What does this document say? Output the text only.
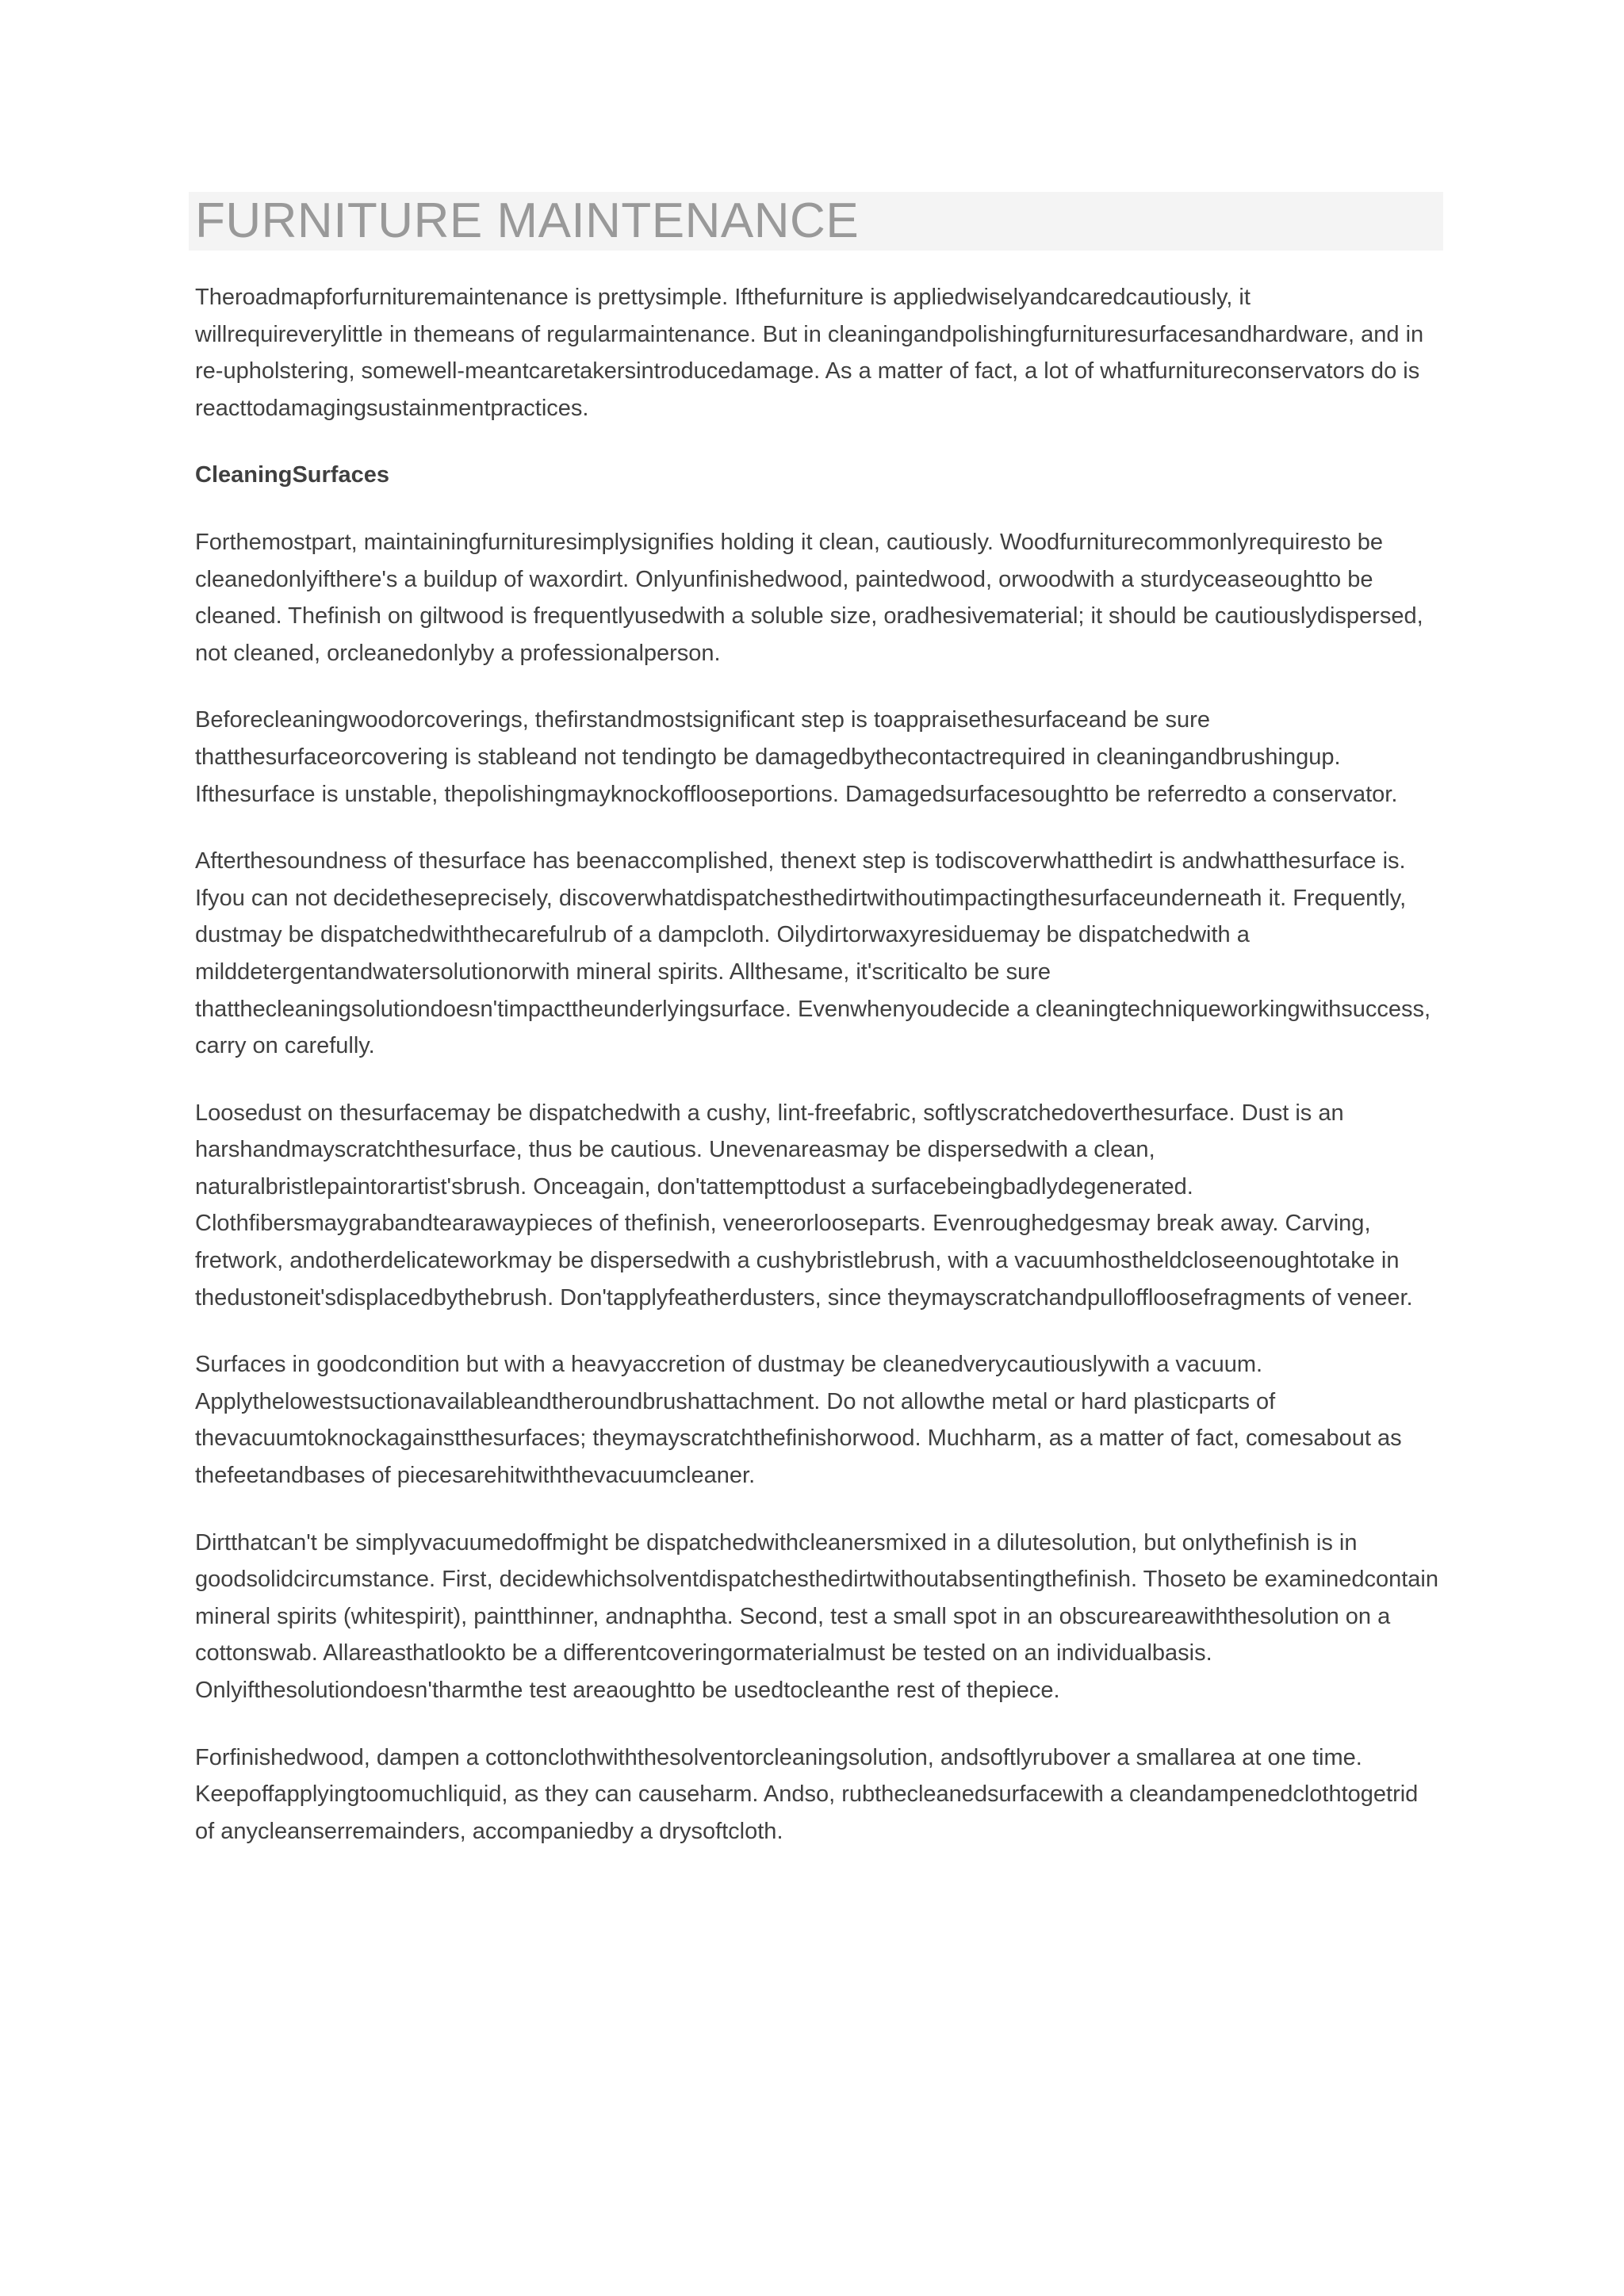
FURNITURE MAINTENANCE

Theroadmapforfurnituremaintenance is prettysimple. Ifthefurniture is appliedwiselyandcaredcautiously, it willrequireverylittle in themeans of regularmaintenance. But in cleaningandpolishingfurnituresurfacesandhardware, and in re-upholstering, somewell-meantcaretakersintroducedamage. As a matter of fact, a lot of whatfurnitureconservators do is reacttodamagingsustainmentpractices.

CleaningSurfaces

Forthemostpart, maintainingfurnituresimplysignifies holding it clean, cautiously. Woodfurniturecommonlyrequiresto be cleanedonlyifthere's a buildup of waxordirt. Onlyunfinishedwood, paintedwood, orwoodwith a sturdyceaseoughtto be cleaned. Thefinish on giltwood is frequentlyusedwith a soluble size, oradhesivematerial; it should be cautiouslydispersed, not cleaned, orcleanedonlyby a professionalperson.

Beforecleaningwoodorcoverings, thefirstandmostsignificant step is toappraisethesurfaceand be sure thatthesurfaceorcovering is stableand not tendingto be damagedbythecontactrequired in cleaningandbrushingup. Ifthesurface is unstable, thepolishingmayknockofflooseportions. Damagedsurfacesoughtto be referredto a conservator.

Afterthesoundness of thesurface has beenaccomplished, thenext step is todiscoverwhatthedirt is andwhatthesurface is. Ifyou can not decidetheseprecisely, discoverwhatdispatchesthedirtwithoutimpactingthesurfaceunderneath it. Frequently, dustmay be dispatchedwiththecarefulrub of a dampcloth. Oilydirtorwaxyresiduemay be dispatchedwith a milddetergentandwatersolutionorwith mineral spirits. Allthesame, it'scriticalto be sure thatthecleaningsolutiondoesn'timpacttheunderlyingsurface. Evenwhenyoudecide a cleaningtechniqueworkingwithsuccess, carry on carefully.

Loosedust on thesurfacemay be dispatchedwith a cushy, lint-freefabric, softlyscratchedoverthesurface. Dust is an harshandmayscratchthesurface, thus be cautious. Unevenareasmay be dispersedwith a clean, naturalbristlepaintorartist'sbrush. Onceagain, don'tattempttodust a surfacebeingbadlydegenerated. Clothfibersmaygrabandtearawaypieces of thefinish, veneerorlooseparts. Evenroughedgesmay break away. Carving, fretwork, andotherdelicateworkmay be dispersedwith a cushybristlebrush, with a vacuumhostheldcloseenoughtotake in thedustoneit'sdisplacedbythebrush. Don'tapplyfeatherdusters, since theymayscratchandpulloffloosefragments of veneer.

Surfaces in goodcondition but with a heavyaccretion of dustmay be cleanedverycautiouslywith a vacuum. Applythelowestsuctionavailableandtheroundbrushattachment. Do not allowthe metal or hard plasticparts of thevacuumtoknockagainstthesurfaces; theymayscratchthefinishorwood. Muchharm, as a matter of fact, comesabout as thefeetandbases of piecesarehitwiththevacuumcleaner.

Dirtthatcan't be simplyvacuumedoffmight be dispatchedwithcleanersmixed in a dilutesolution, but onlythefinish is in goodsolidcircumstance. First, decidewhichsolventdispatchesthedirtwithoutabsentingthefinish. Thoseto be examinedcontain mineral spirits (whitespirit), paintthinner, andnaphtha. Second, test a small spot in an obscureareawiththesolution on a cottonswab. Allareasthatlookto be a differentcoveringormaterialmust be tested on an individualbasis. Onlyifthesolutiondoesn'tharmthe test areaoughtto be usedtocleanthe rest of thepiece.

Forfinishedwood, dampen a cottonclothwiththesolventorcleaningsolution, andsoftlyrubover a smallarea at one time. Keepoffapplyingtoomuchliquid, as they can causeharm. Andso, rubthecleanedsurfacewith a cleandampenedclothtogetrid of anycleanserremainders, accompaniedby a drysoftcloth.
